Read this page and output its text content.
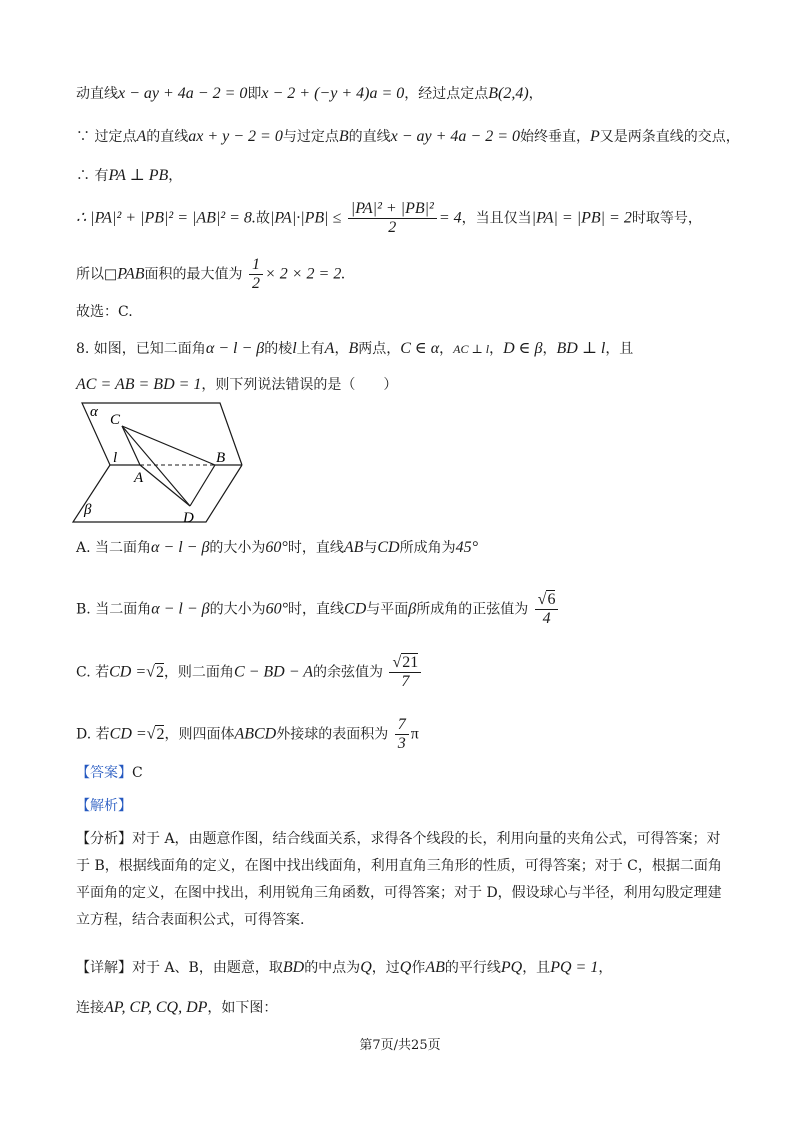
动直线x − ay + 4a − 2 = 0即x − 2 + (−y + 4)a = 0，经过点定点B(2,4)，
∵ 过定点A的直线ax + y − 2 = 0与过定点B的直线x − ay + 4a − 2 = 0始终垂直，P又是两条直线的交点，
∴ 有PA ⊥ PB，
∴ |PA|² + |PB|² = |AB|² = 8.故$|PA|\cdot|PB| \le \frac{\text{|PA|² + |PB|²}}{2} = 4$，当且仅当|PA| = |PB| = 2时取等号，
所以□PAB面积的最大值为 $\frac{1}{2} \times 2 \times 2 = 2$.
故选：C.
8. 如图，已知二面角α − l − β的棱l上有A，B两点，C ∈ α，AC ⊥ l，D ∈ β，BD ⊥ l，且
AC = AB = BD = 1，则下列说法错误的是（　　）
α C
l
A
B
β	D
A. 当二面角α − l − β的大小为60°时，直线AB与CD所成角为45°
B. 当二面角α − l − β的大小为60°时，直线CD与平面β所成角的正弦值为 $\frac{√6}{4}$
C. 若CD =√2，则二面角C − BD − A的余弦值为 $\frac{√21}{7}$
D. 若CD =√2，则四面体ABCD外接球的表面积为 $\frac{7}{3}$ π
【答案】C
【解析】
【分析】对于 A，由题意作图，结合线面关系，求得各个线段的长，利用向量的夹角公式，可得答案；对于 B，根据线面角的定义，在图中找出线面角，利用直角三角形的性质，可得答案；对于 C，根据二面角平面角的定义，在图中找出，利用锐角三角函数，可得答案；对于 D，假设球心与半径，利用勾股定理建立方程，结合表面积公式，可得答案.
【详解】对于 A、B，由题意，取BD的中点为Q，过Q作AB的平行线PQ，且PQ = 1，
连接AP, CP, CQ, DP，如下图：
第7页/共25页
